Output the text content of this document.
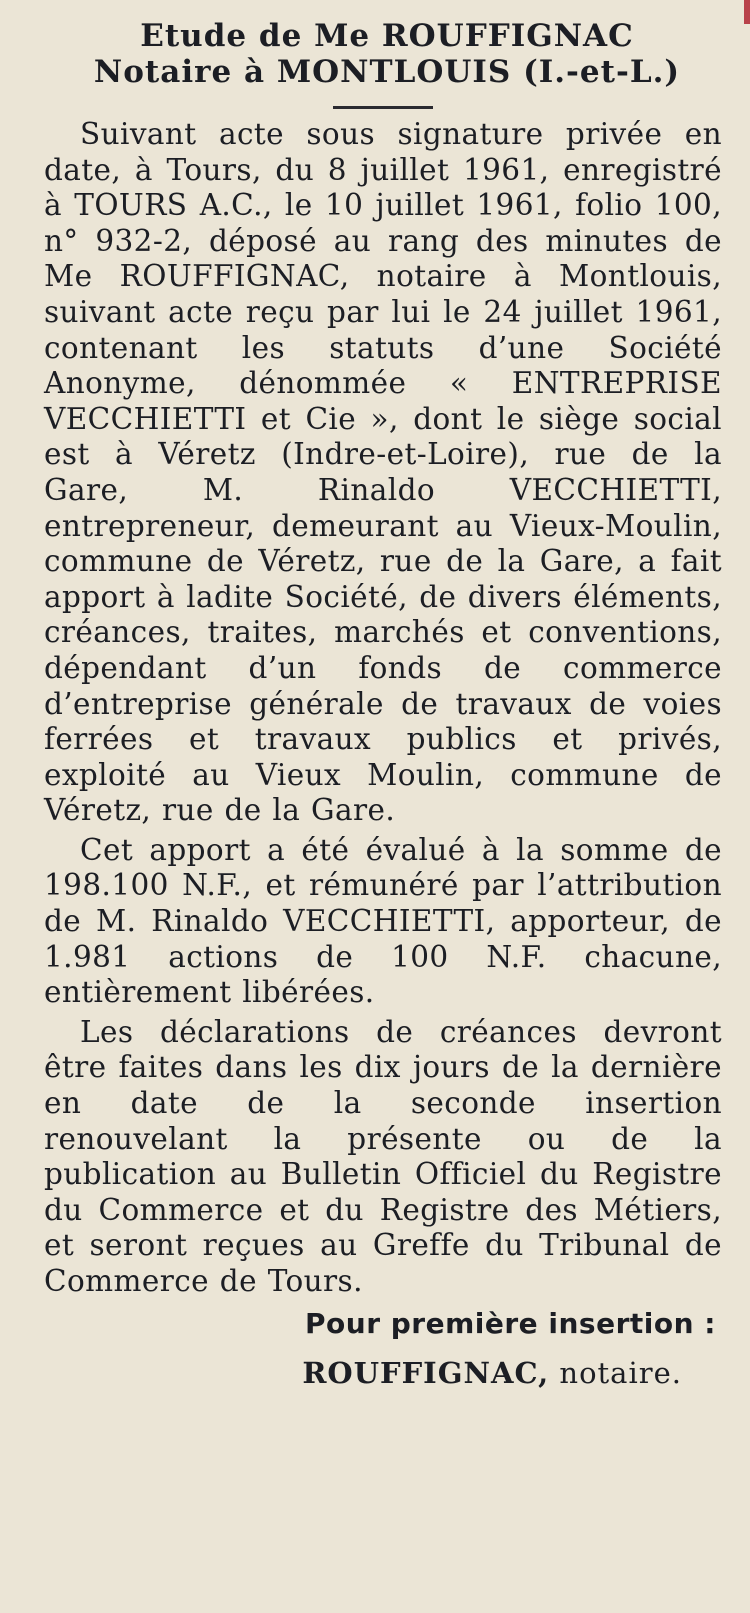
Etude de Me ROUFFIGNAC
Notaire à MONTLOUIS (I.-et-L.)

Suivant acte sous signature privée en date, à Tours, du 8 juillet 1961, enregistré à TOURS A.C., le 10 juillet 1961, folio 100, n° 932-2, déposé au rang des minutes de Me ROUFFIGNAC, notaire à Montlouis, suivant acte reçu par lui le 24 juillet 1961, contenant les statuts d’une Société Anonyme, dénommée « ENTREPRISE VECCHIETTI et Cie », dont le siège social est à Véretz (Indre-et-Loire), rue de la Gare, M. Rinaldo VECCHIETTI, entrepreneur, demeurant au Vieux-Moulin, commune de Véretz, rue de la Gare, a fait apport à ladite Société, de divers éléments, créances, traites, marchés et conventions, dépendant d’un fonds de commerce d’entreprise générale de travaux de voies ferrées et travaux publics et privés, exploité au Vieux Moulin, commune de Véretz, rue de la Gare.

Cet apport a été évalué à la somme de 198.100 N.F., et rémunéré par l’attribution de M. Rinaldo VECCHIETTI, apporteur, de 1.981 actions de 100 N.F. chacune, entièrement libérées.

Les déclarations de créances devront être faites dans les dix jours de la dernière en date de la seconde insertion renouvelant la présente ou de la publication au Bulletin Officiel du Registre du Commerce et du Registre des Métiers, et seront reçues au Greffe du Tribunal de Commerce de Tours.

Pour première insertion :
ROUFFIGNAC, notaire.
